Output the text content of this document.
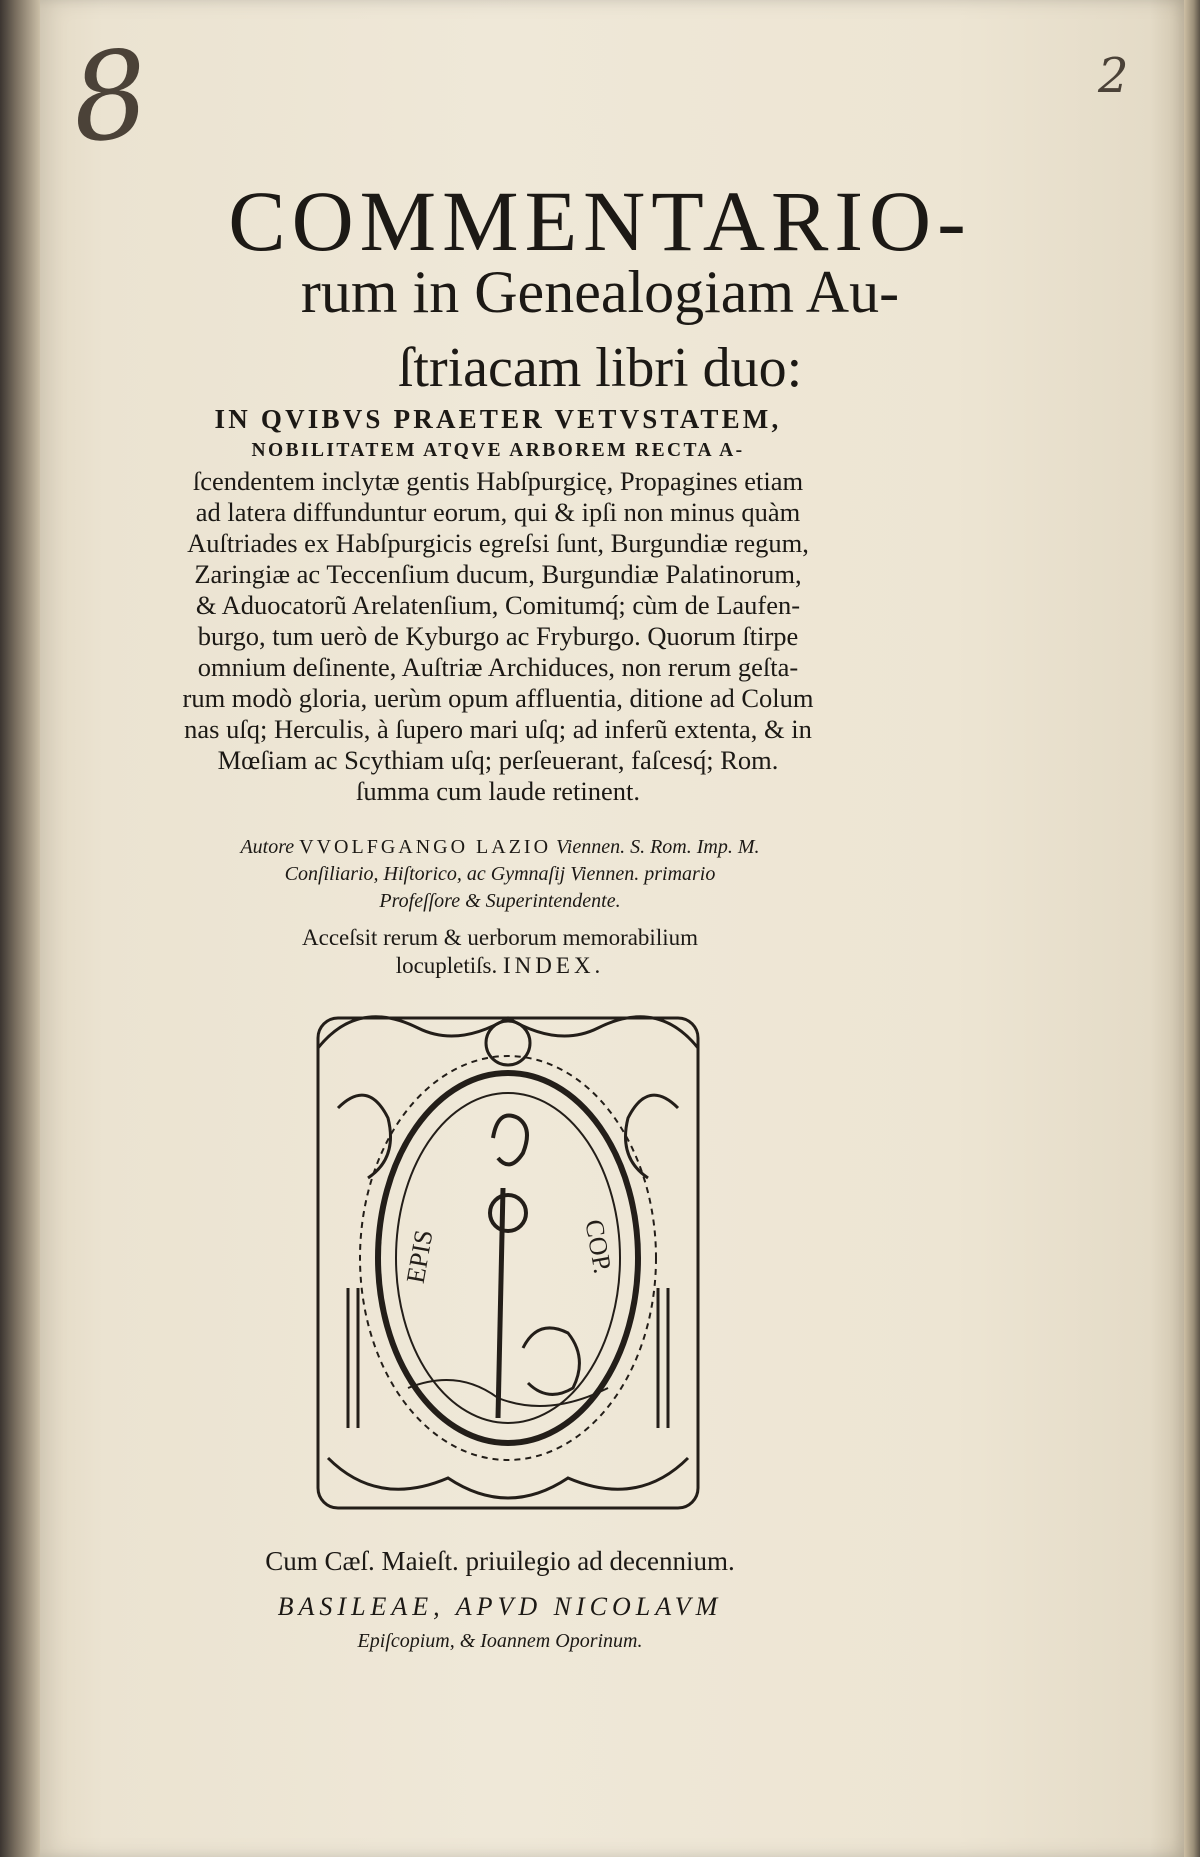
8	2
COMMENTARIO-
rum in Genealogiam Au-
ſtriacam libri duo:
IN QVIBVS PRAETER VETVSTATEM,
NOBILITATEM ATQVE ARBOREM RECTA A-
ſcendentem inclytæ gentis Habſpurgicę, Propagines etiam
ad latera diffunduntur eorum, qui & ipſi non minus quàm
Auſtriades ex Habſpurgicis egreſsi ſunt, Burgundiæ regum,
Zaringiæ ac Teccenſium ducum, Burgundiæ Palatinorum,
& Aduocatorũ Arelatenſium, Comitumq́; cùm de Laufen-
burgo, tum uerò de Kyburgo ac Fryburgo. Quorum ſtirpe
omnium deſinente, Auſtriæ Archiduces, non rerum geſta-
rum modò gloria, uerùm opum affluentia, ditione ad Colum
nas uſq; Herculis, à ſupero mari uſq; ad inferũ extenta, & in
Mœſiam ac Scythiam uſq; perſeuerant, faſcesq́; Rom.
ſumma cum laude retinent.
Autore VVOLFGANGO LAZIO Viennen. S. Rom. Imp. M.
Conſiliario, Hiſtorico, ac Gymnaſij Viennen. primario
Profeſſore & Superintendente.
Acceſsit rerum & uerborum memorabilium
locupletiſs. INDEX.
EPIS	COP.
Cum Cæſ. Maieſt. priuilegio ad decennium.
BASILEAE, APVD NICOLAVM
Epiſcopium, & Ioannem Oporinum.
